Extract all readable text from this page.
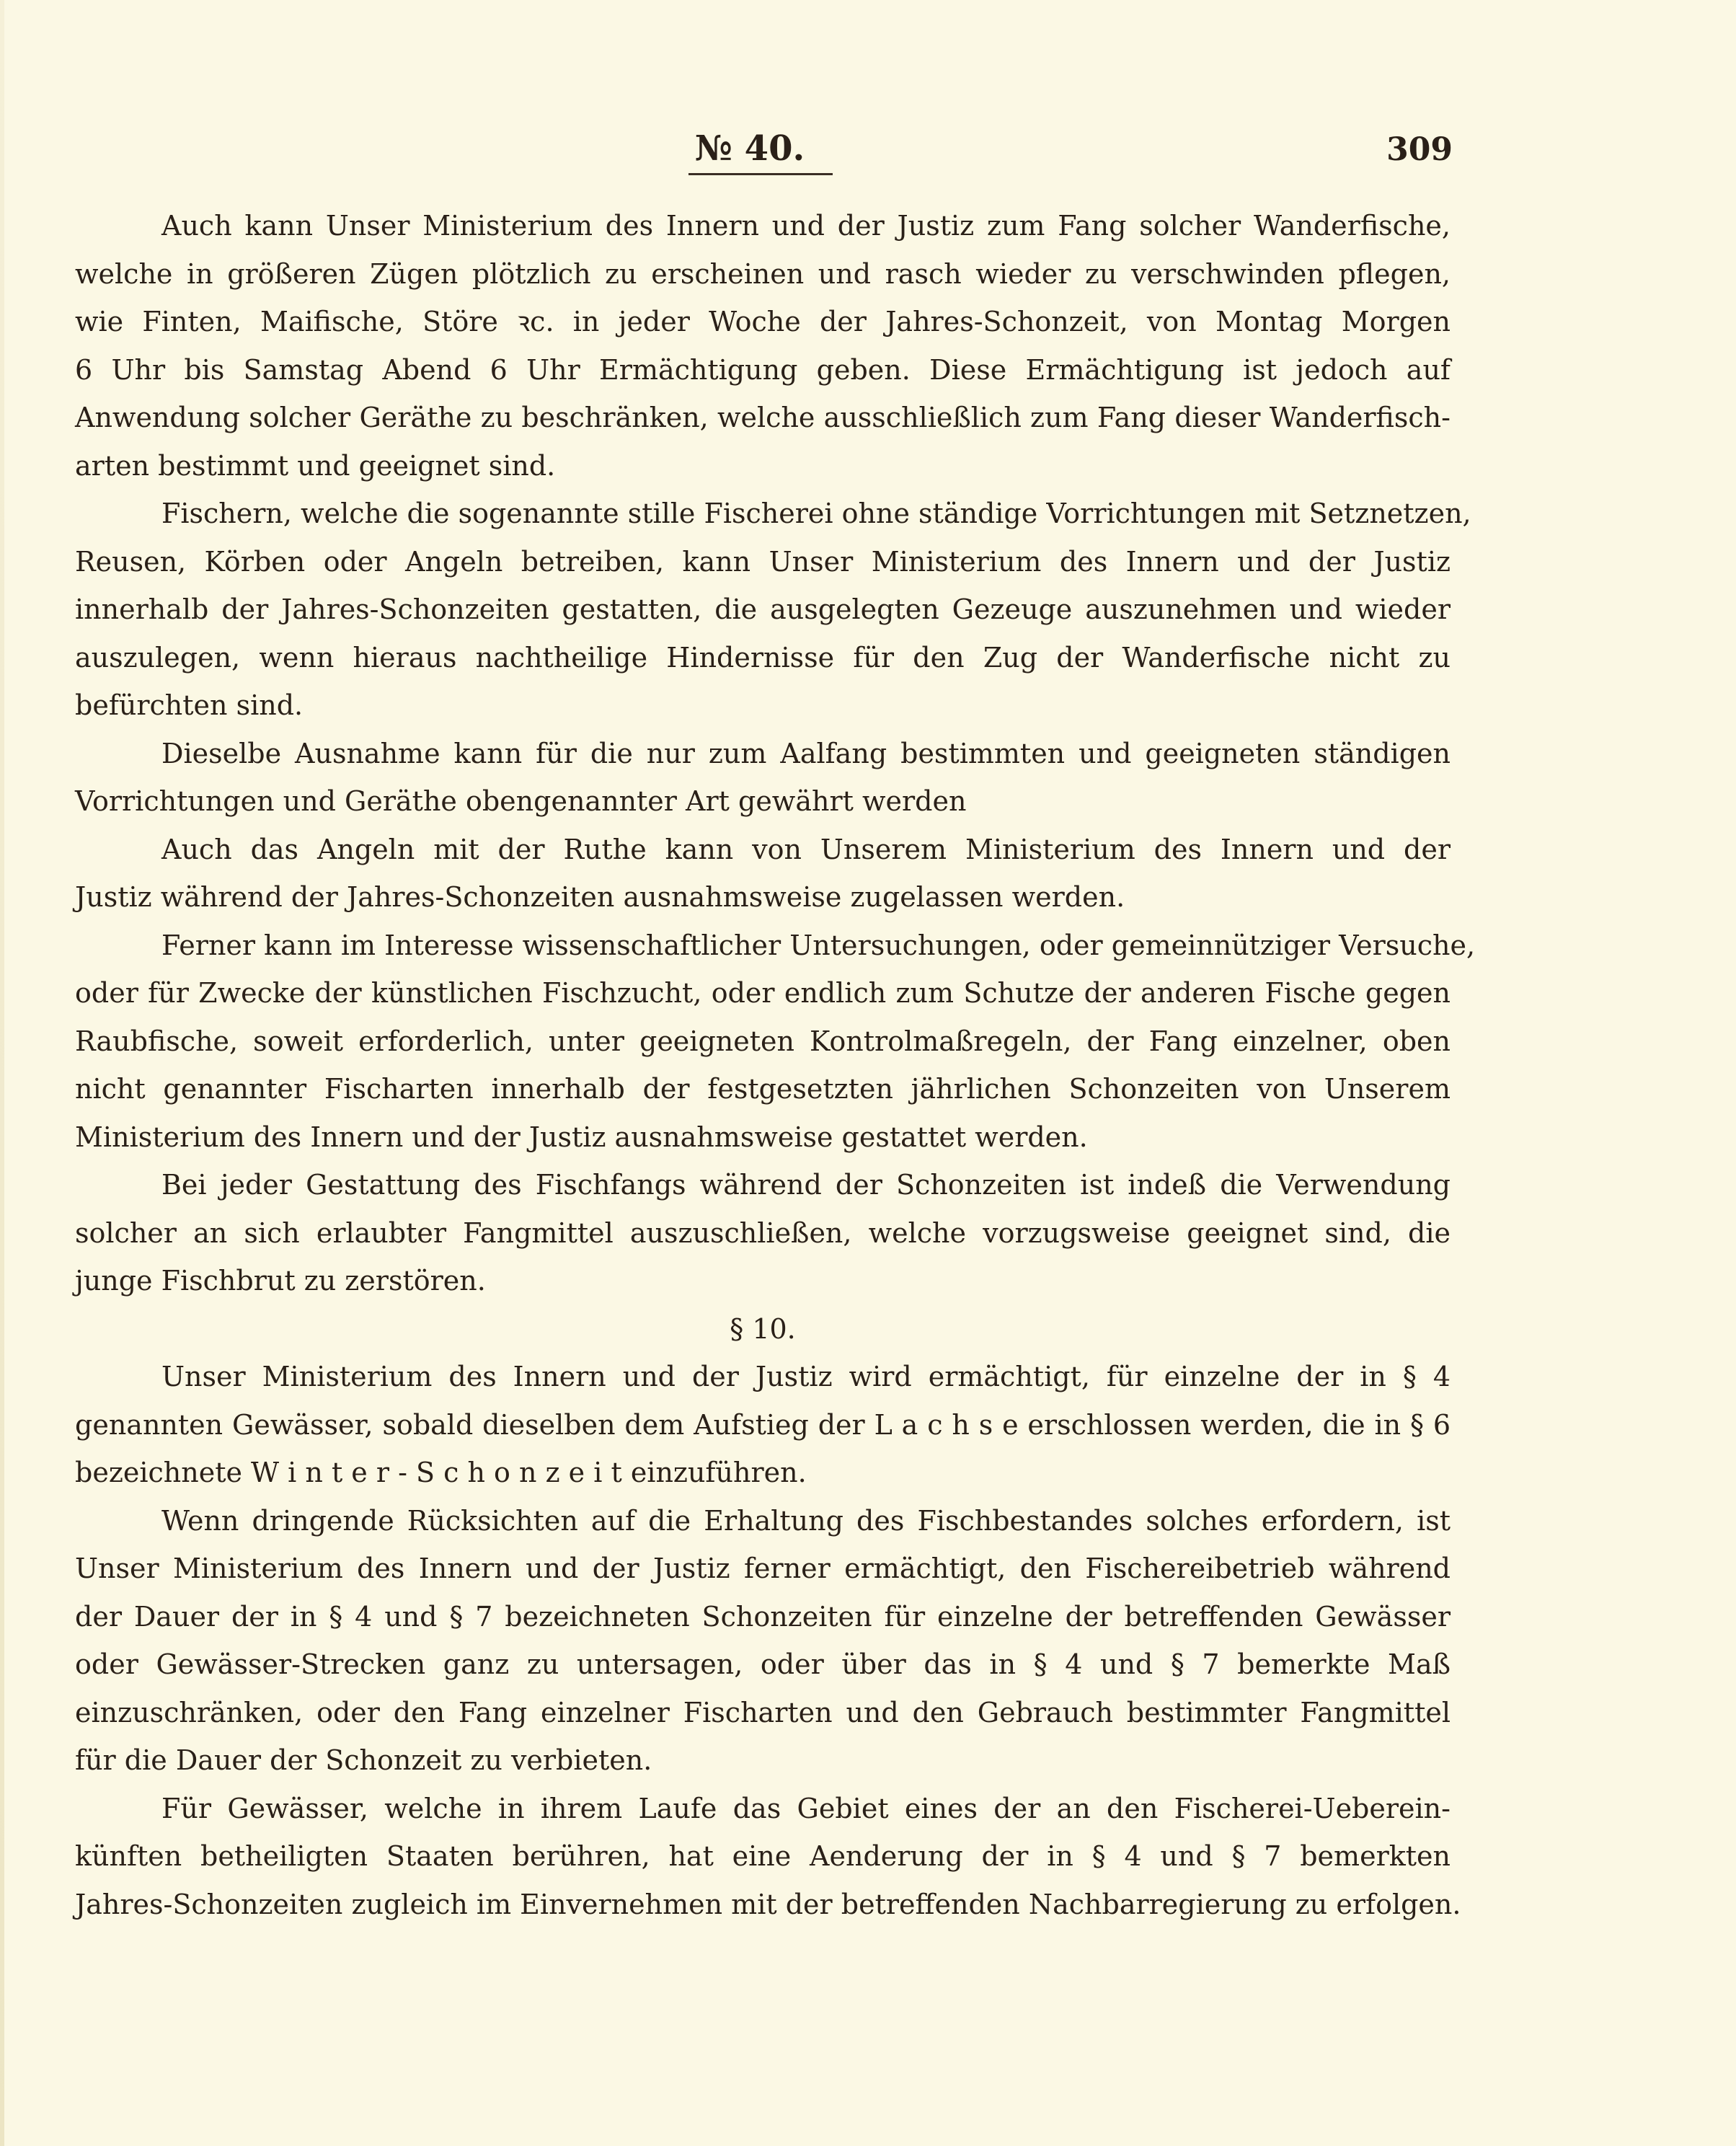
№ 40.	309
Auch kann Unser Ministerium des Innern und der Justiz zum Fang solcher Wanderfische,
welche in größeren Zügen plötzlich zu erscheinen und rasch wieder zu verschwinden pflegen,
wie Finten, Maifische, Störe ꝛc. in jeder Woche der Jahres-Schonzeit, von Montag Morgen
6 Uhr bis Samstag Abend 6 Uhr Ermächtigung geben. Diese Ermächtigung ist jedoch auf
Anwendung solcher Geräthe zu beschränken, welche ausschließlich zum Fang dieser Wanderfisch-
arten bestimmt und geeignet sind.
Fischern, welche die sogenannte stille Fischerei ohne ständige Vorrichtungen mit Setznetzen,
Reusen, Körben oder Angeln betreiben, kann Unser Ministerium des Innern und der Justiz
innerhalb der Jahres-Schonzeiten gestatten, die ausgelegten Gezeuge auszunehmen und wieder
auszulegen, wenn hieraus nachtheilige Hindernisse für den Zug der Wanderfische nicht zu
befürchten sind.
Dieselbe Ausnahme kann für die nur zum Aalfang bestimmten und geeigneten ständigen
Vorrichtungen und Geräthe obengenannter Art gewährt werden
Auch das Angeln mit der Ruthe kann von Unserem Ministerium des Innern und der
Justiz während der Jahres-Schonzeiten ausnahmsweise zugelassen werden.
Ferner kann im Interesse wissenschaftlicher Untersuchungen, oder gemeinnütziger Versuche,
oder für Zwecke der künstlichen Fischzucht, oder endlich zum Schutze der anderen Fische gegen
Raubfische, soweit erforderlich, unter geeigneten Kontrolmaßregeln, der Fang einzelner, oben
nicht genannter Fischarten innerhalb der festgesetzten jährlichen Schonzeiten von Unserem
Ministerium des Innern und der Justiz ausnahmsweise gestattet werden.
Bei jeder Gestattung des Fischfangs während der Schonzeiten ist indeß die Verwendung
solcher an sich erlaubter Fangmittel auszuschließen, welche vorzugsweise geeignet sind, die
junge Fischbrut zu zerstören.
§ 10.
Unser Ministerium des Innern und der Justiz wird ermächtigt, für einzelne der in § 4
genannten Gewässer, sobald dieselben dem Aufstieg der L a c h s e erschlossen werden, die in § 6
bezeichnete W i n t e r - S c h o n z e i t einzuführen.
Wenn dringende Rücksichten auf die Erhaltung des Fischbestandes solches erfordern, ist
Unser Ministerium des Innern und der Justiz ferner ermächtigt, den Fischereibetrieb während
der Dauer der in § 4 und § 7 bezeichneten Schonzeiten für einzelne der betreffenden Gewässer
oder Gewässer-Strecken ganz zu untersagen, oder über das in § 4 und § 7 bemerkte Maß
einzuschränken, oder den Fang einzelner Fischarten und den Gebrauch bestimmter Fangmittel
für die Dauer der Schonzeit zu verbieten.
Für Gewässer, welche in ihrem Laufe das Gebiet eines der an den Fischerei-Ueberein-
künften betheiligten Staaten berühren, hat eine Aenderung der in § 4 und § 7 bemerkten
Jahres-Schonzeiten zugleich im Einvernehmen mit der betreffenden Nachbarregierung zu erfolgen.
